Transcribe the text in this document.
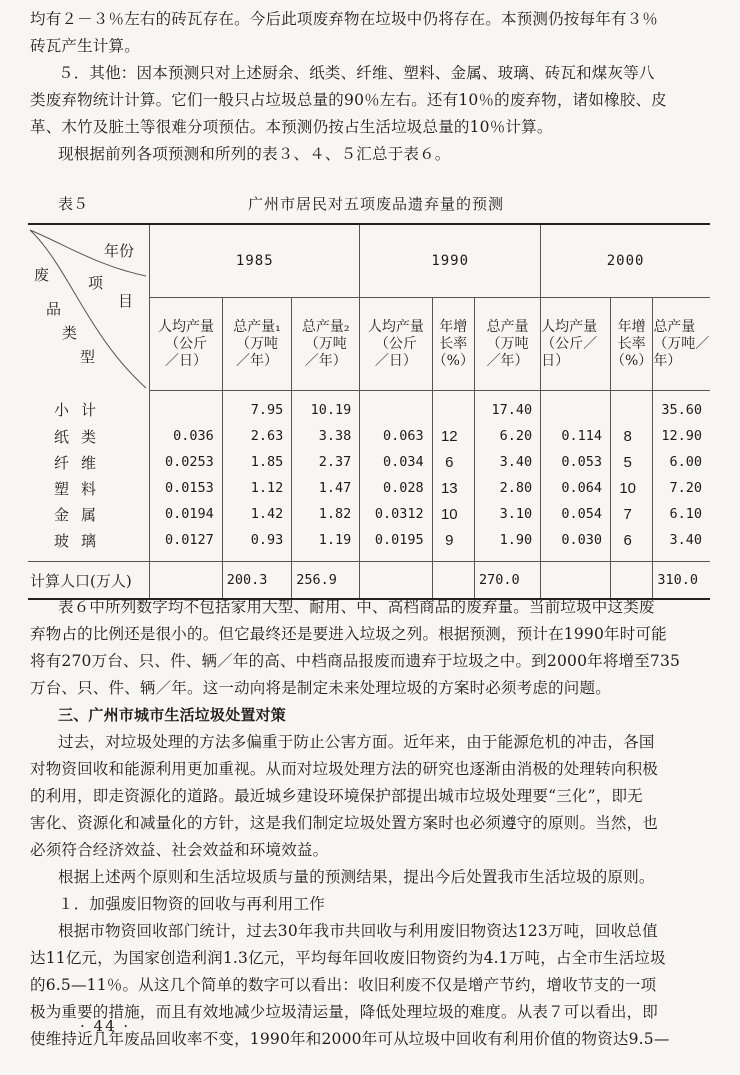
均有２－３％左右的砖瓦存在。今后此项废弃物在垃圾中仍将存在。本预测仍按每年有３％
砖瓦产生计算。
５．其他：因本预测只对上述厨余、纸类、纤维、塑料、金属、玻璃、砖瓦和煤灰等八
类废弃物统计计算。它们一般只占垃圾总量的90％左右。还有10％的废弃物，诸如橡胶、皮
革、木竹及脏土等很难分项预估。本预测仍按占生活垃圾总量的10％计算。
现根据前列各项预测和所列的表３、４、５汇总于表６。
表５	广州市居民对五项废品遗弃量的预测
年份
项
目
废
品
类
型
	1985	1990	2000

人均产量
（公斤
／日）

总产量₁
（万吨
／年）

总产量₂
（万吨
／年）

人均产量
（公斤
／日）

年增
长率
（%）

总产量
（万吨
／年）

人均产量
（公斤／
日）

年增
长率
（%）

总产量
（万吨／
年）

小计		7.95	10.19			17.40			35.60
纸类	0.036	2.63	3.38	0.063	12	6.20	0.114	8	12.90
纤维	0.0253	1.85	2.37	0.034	6	3.40	0.053	5	6.00
塑料	0.0153	1.12	1.47	0.028	13	2.80	0.064	10	7.20
金属	0.0194	1.42	1.82	0.0312	10	3.10	0.054	7	6.10
玻璃	0.0127	0.93	1.19	0.0195	9	1.90	0.030	6	3.40
计算人口(万人)		200.3	256.9			270.0			310.0
表６中所列数字均不包括家用大型、耐用、中、高档商品的废弃量。当前垃圾中这类废
弃物占的比例还是很小的。但它最终还是要进入垃圾之列。根据预测，预计在1990年时可能
将有270万台、只、件、辆／年的高、中档商品报废而遗弃于垃圾之中。到2000年将增至735
万台、只、件、辆／年。这一动向将是制定未来处理垃圾的方案时必须考虑的问题。
三、广州市城市生活垃圾处置对策
过去，对垃圾处理的方法多偏重于防止公害方面。近年来，由于能源危机的冲击，各国
对物资回收和能源利用更加重视。从而对垃圾处理方法的研究也逐渐由消极的处理转向积极
的利用，即走资源化的道路。最近城乡建设环境保护部提出城市垃圾处理要“三化”，即无
害化、资源化和减量化的方针，这是我们制定垃圾处置方案时也必须遵守的原则。当然，也
必须符合经济效益、社会效益和环境效益。
根据上述两个原则和生活垃圾质与量的预测结果，提出今后处置我市生活垃圾的原则。
１．加强废旧物资的回收与再利用工作
根据市物资回收部门统计，过去30年我市共回收与利用废旧物资达123万吨，回收总值
达11亿元，为国家创造利润1.3亿元，平均每年回收废旧物资约为4.1万吨，占全市生活垃圾
的6.5—11％。从这几个简单的数字可以看出：收旧利废不仅是增产节约，增收节支的一项
极为重要的措施，而且有效地减少垃圾清运量，降低处理垃圾的难度。从表７可以看出，即
使维持近几年废品回收率不变，1990年和2000年可从垃圾中回收有利用价值的物资达9.5—
· 44 ·
